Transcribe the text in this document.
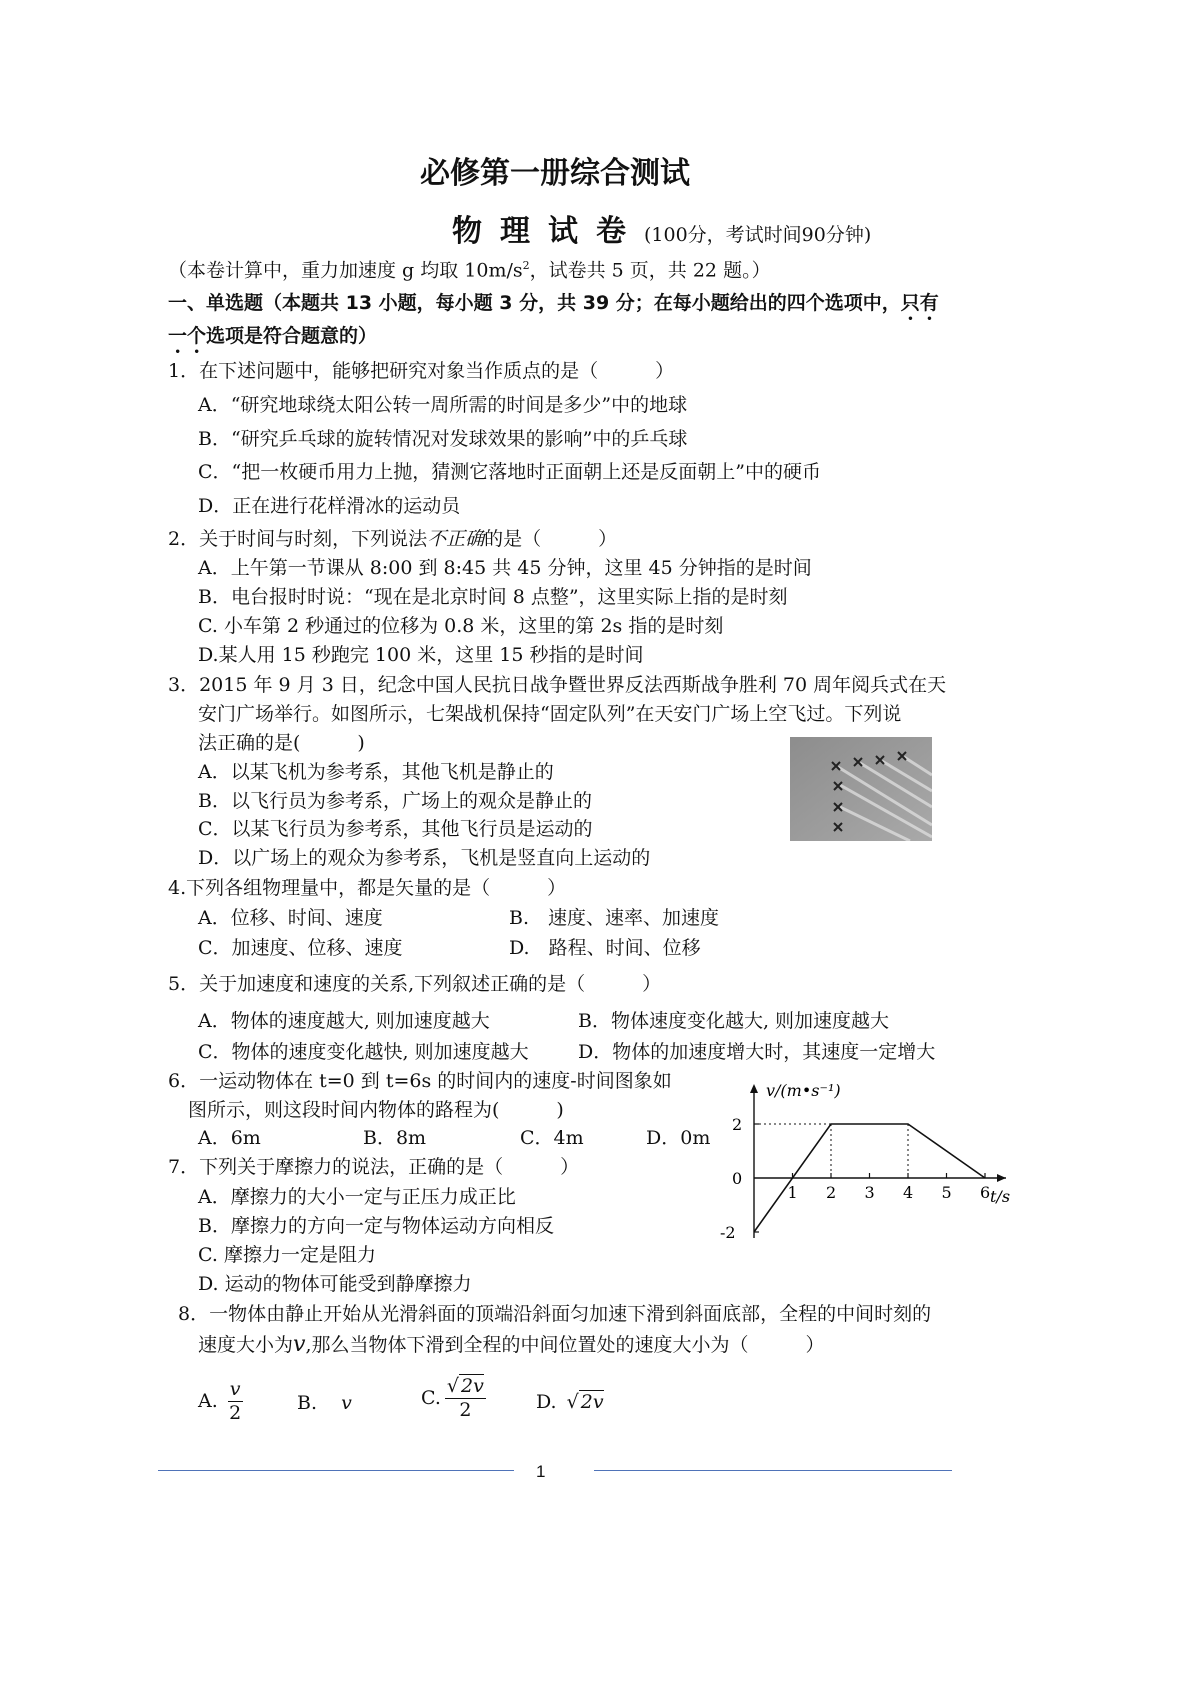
必修第一册综合测试
物理试卷(100分，考试时间90分钟)
（本卷计算中，重力加速度 g 均取 $10m/s^2$，试卷共 5 页，共 22 题。）
一、单选题（本题共 13 小题，每小题 3 分，共 39 分；在每小题给出的四个选项中，只有
一个选项是符合题意的）
1．在下述问题中，能够把研究对象当作质点的是（　　　）
A．“研究地球绕太阳公转一周所需的时间是多少”中的地球
B．“研究乒乓球的旋转情况对发球效果的影响”中的乒乓球
C．“把一枚硬币用力上抛，猜测它落地时正面朝上还是反面朝上”中的硬币
D．正在进行花样滑冰的运动员
2．关于时间与时刻，下列说法不正确的是（　　　）
A．上午第一节课从 8:00 到 8:45 共 45 分钟，这里 45 分钟指的是时间
B．电台报时时说：“现在是北京时间 8 点整”，这里实际上指的是时刻
C. 小车第 2 秒通过的位移为 0.8 米，这里的第 2s 指的是时刻
D.某人用 15 秒跑完 100 米，这里 15 秒指的是时间
3．2015 年 9 月 3 日，纪念中国人民抗日战争暨世界反法西斯战争胜利 70 周年阅兵式在天
安门广场举行。如图所示，七架战机保持“固定队列”在天安门广场上空飞过。下列说
法正确的是(　　　)
A．以某飞机为参考系，其他飞机是静止的
B．以飞行员为参考系，广场上的观众是静止的
C．以某飞行员为参考系，其他飞行员是运动的
D．以广场上的观众为参考系，飞机是竖直向上运动的
4.下列各组物理量中，都是矢量的是（　　　）
A．位移、时间、速度	B.　速度、速率、加速度
C．加速度、位移、速度	D.　路程、时间、位移
5．关于加速度和速度的关系,下列叙述正确的是（　　　）
A．物体的速度越大, 则加速度越大	B．物体速度变化越大, 则加速度越大
C．物体的速度变化越快, 则加速度越大	D．物体的加速度增大时，其速度一定增大
6．一运动物体在 t=0 到 t=6s 的时间内的速度-时间图象如
图所示，则这段时间内物体的路程为(　　　)
A．6m	B．8m	C．4m	D．0m
1 2 3 4 5 6
2
0
-2
v/(m•s⁻¹)
t/s
7．下列关于摩擦力的说法，正确的是（　　　）
A．摩擦力的大小一定与正压力成正比
B．摩擦力的方向一定与物体运动方向相反
C. 摩擦力一定是阻力
D. 运动的物体可能受到静摩擦力
8．一物体由静止开始从光滑斜面的顶端沿斜面匀加速下滑到斜面底部，全程的中间时刻的
速度大小为v,那么当物体下滑到全程的中间位置处的速度大小为（　　　）
A. $\frac{v}{2}$	B. v	C. $\frac{√ 2v}{2}$	D. √ 2v
1
